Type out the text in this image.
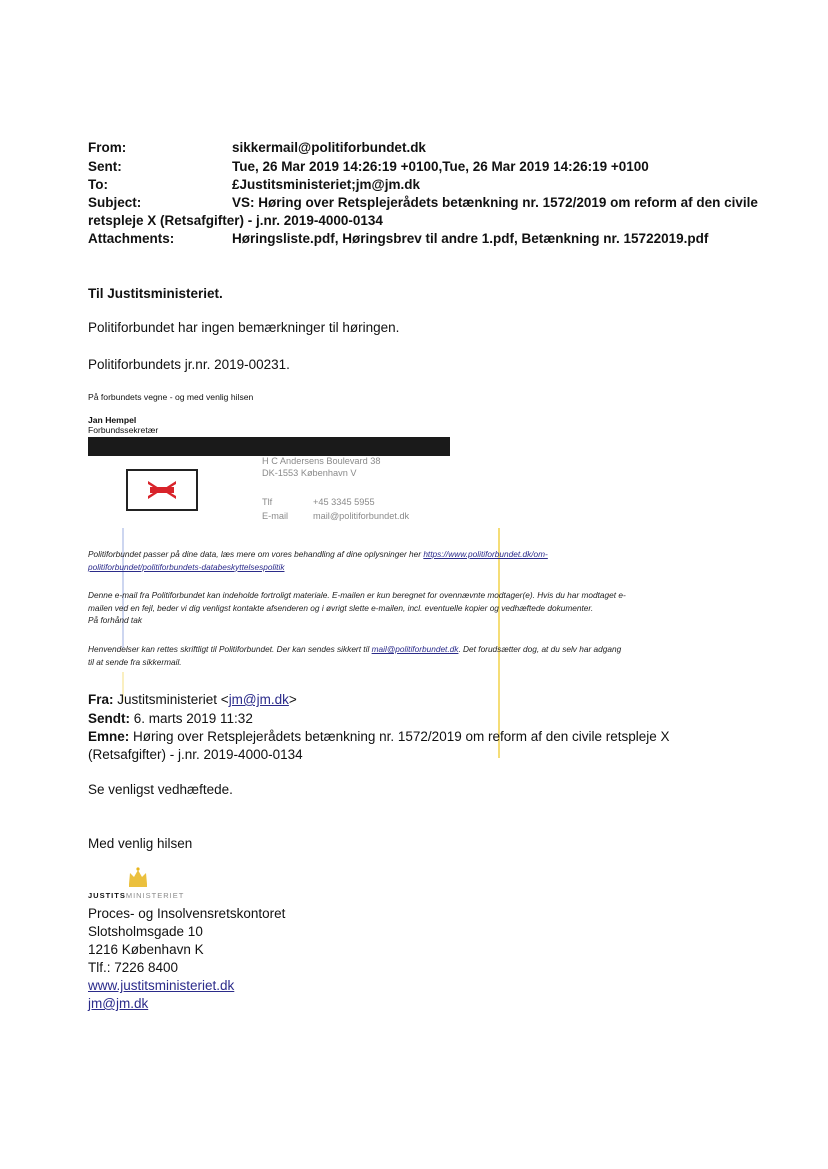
From:	sikkermail@politiforbundet.dk
Sent:	Tue, 26 Mar 2019 14:26:19 +0100,Tue, 26 Mar 2019 14:26:19 +0100
To:	£Justitsministeriet;jm@jm.dk
Subject:	VS: Høring over Retsplejerådets betænkning nr. 1572/2019 om reform af den civile
retspleje X (Retsafgifter) - j.nr. 2019-4000-0134
Attachments:	Høringsliste.pdf, Høringsbrev til andre 1.pdf, Betænkning nr. 15722019.pdf
Til Justitsministeriet.
Politiforbundet har ingen bemærkninger til høringen.
Politiforbundets jr.nr. 2019-00231.
På forbundets vegne - og med venlig hilsen
Jan Hempel
Forbundssekretær
H C Andersens Boulevard 38
DK-1553 København V
Tlf	+45 3345 5955
E-mail	mail@politiforbundet.dk
Politiforbundet passer på dine data, læs mere om vores behandling af dine oplysninger her https://www.politiforbundet.dk/om-
politiforbundet/politiforbundets-databeskyttelsespolitik
Denne e-mail fra Politiforbundet kan indeholde fortroligt materiale. E-mailen er kun beregnet for ovennævnte modtager(e). Hvis du har modtaget e-
mailen ved en fejl, beder vi dig venligst kontakte afsenderen og i øvrigt slette e-mailen, incl. eventuelle kopier og vedhæftede dokumenter.
På forhånd tak
Henvendelser kan rettes skriftligt til Politiforbundet. Der kan sendes sikkert til mail@politiforbundet.dk. Det forudsætter dog, at du selv har adgang
til at sende fra sikkermail.
Fra: Justitsministeriet <jm@jm.dk>
Sendt: 6. marts 2019 11:32
Emne: Høring over Retsplejerådets betænkning nr. 1572/2019 om reform af den civile retspleje X
(Retsafgifter) - j.nr. 2019-4000-0134
Se venligst vedhæftede.
Med venlig hilsen
JUSTITSMINISTERIET
Proces- og Insolvensretskontoret
Slotsholmsgade 10
1216 København K
Tlf.: 7226 8400
www.justitsministeriet.dk
jm@jm.dk
